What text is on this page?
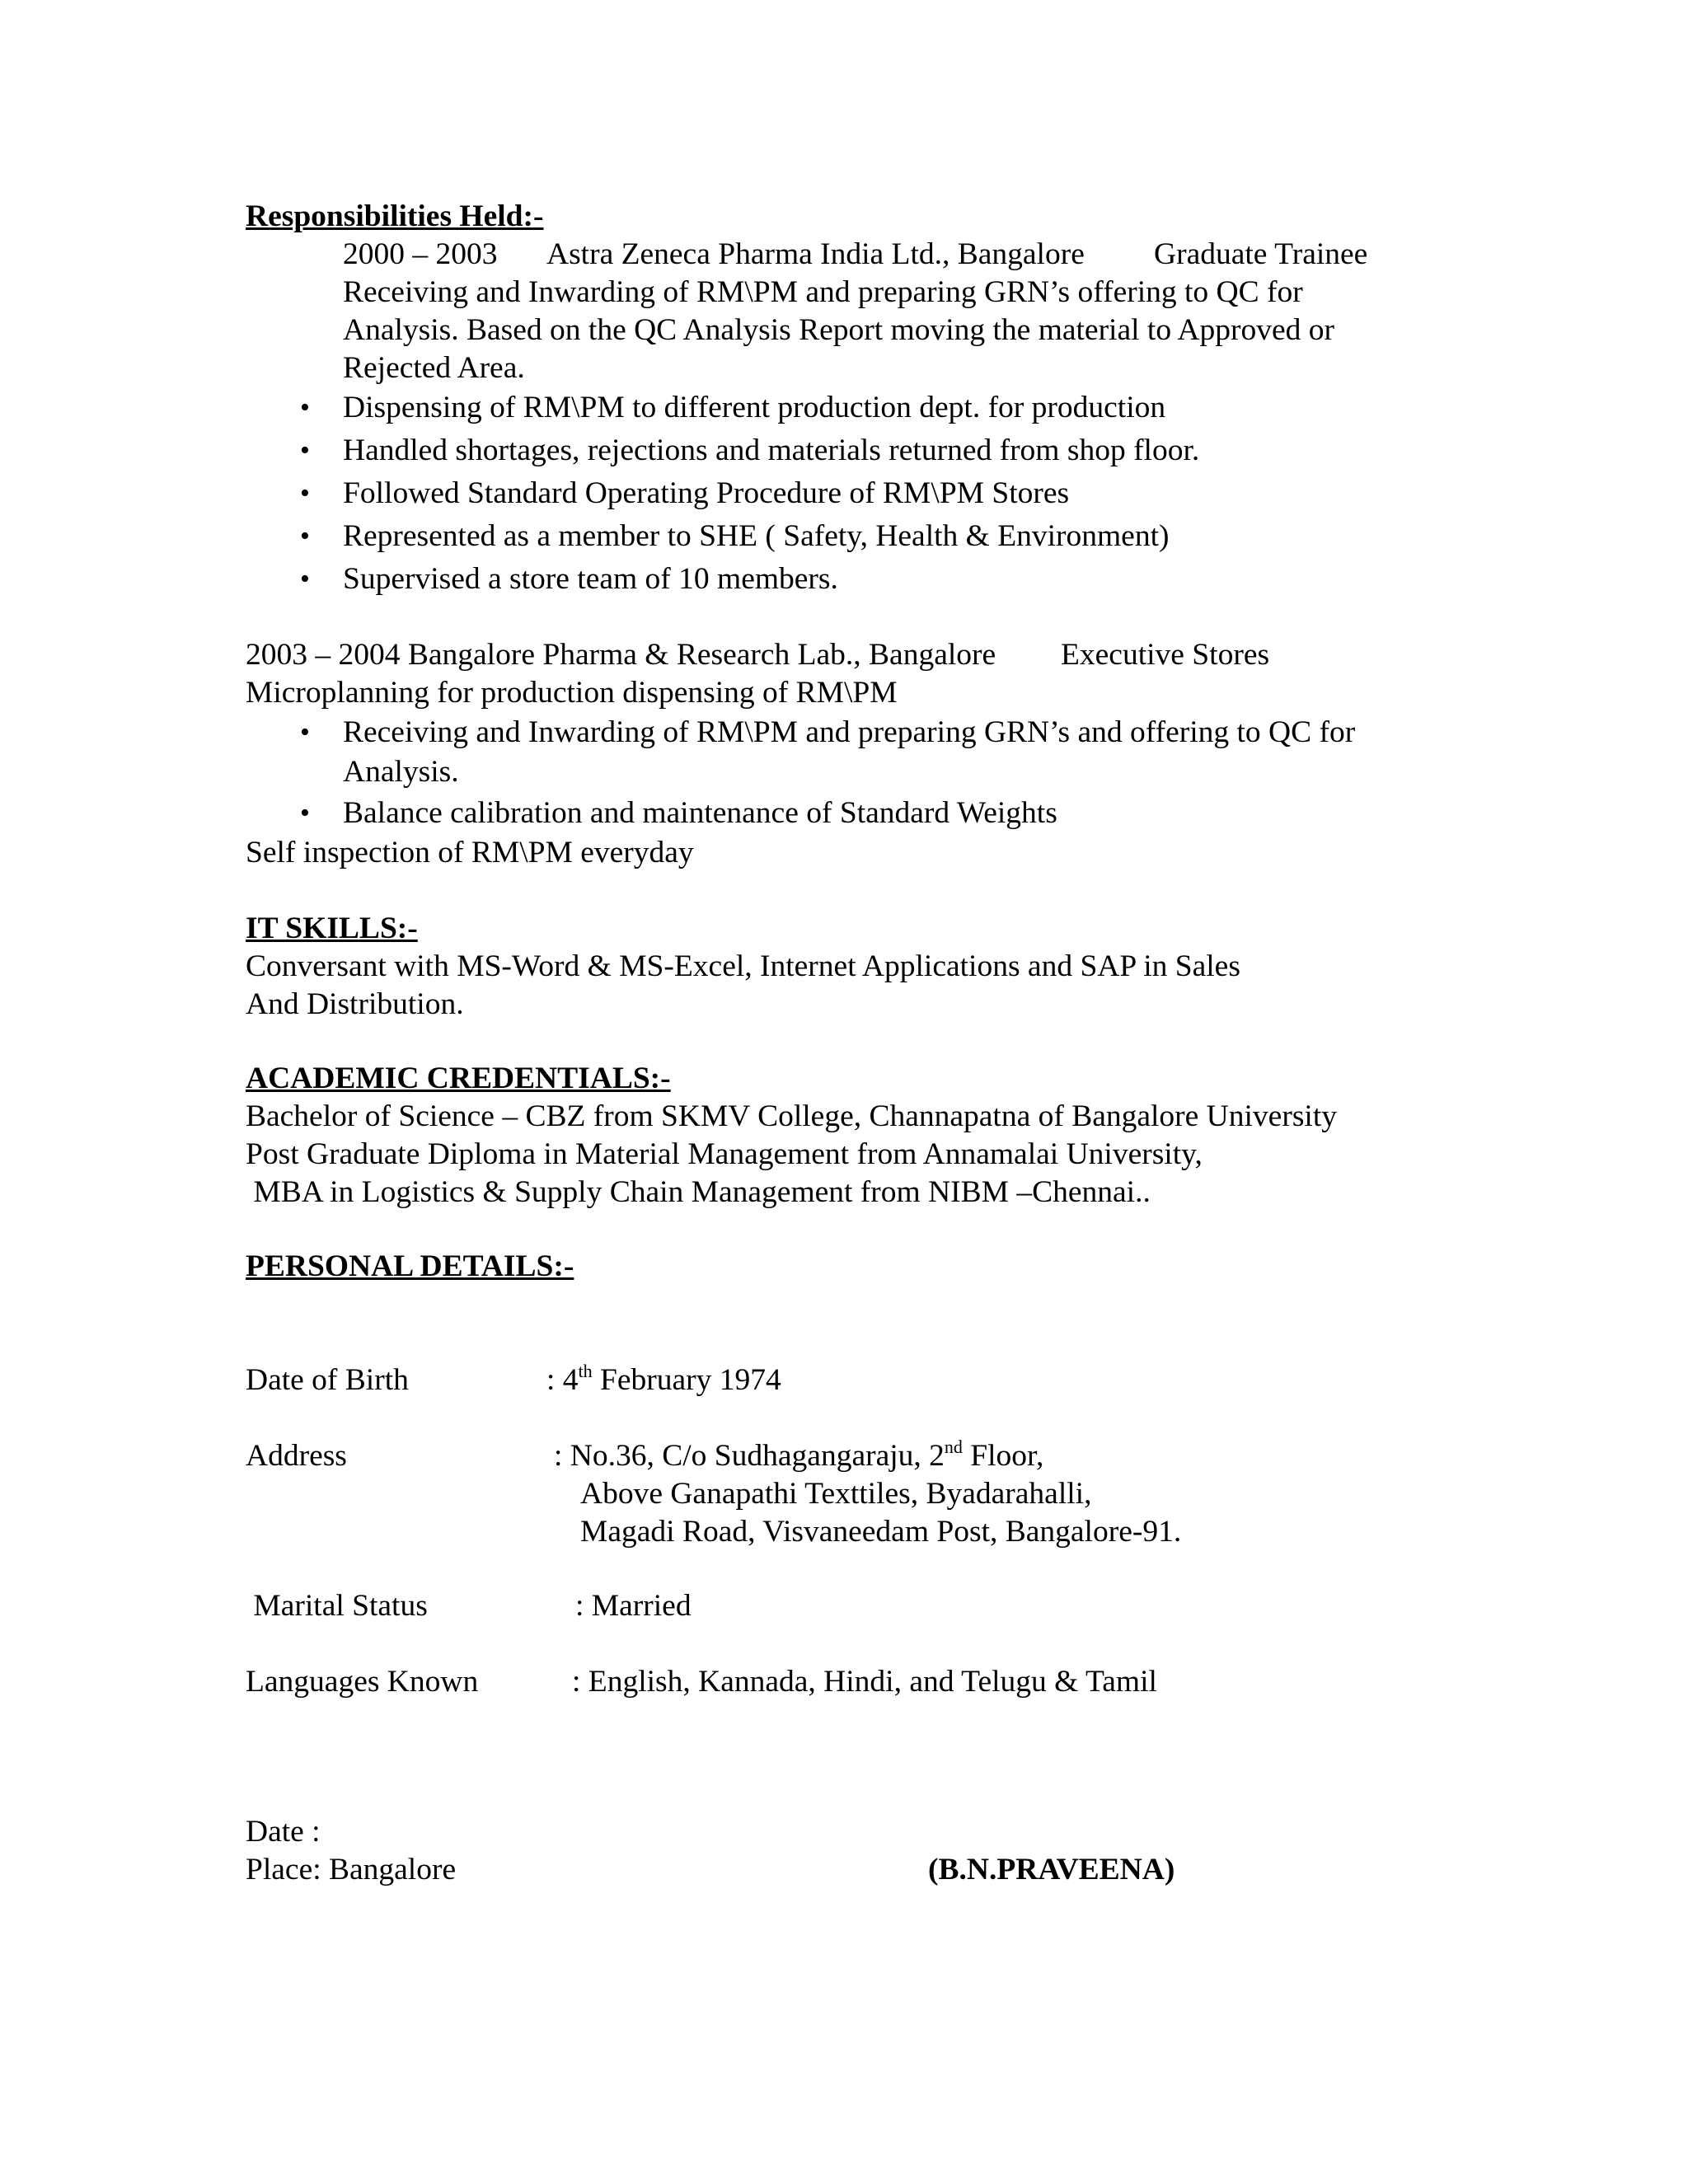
Responsibilities Held:-
2000 – 2003 Astra Zeneca Pharma India Ltd., Bangalore Graduate Trainee
Receiving and Inwarding of RM\PM and preparing GRN’s offering to QC for
Analysis. Based on the QC Analysis Report moving the material to Approved or
Rejected Area.
• Dispensing of RM\PM to different production dept. for production
• Handled shortages, rejections and materials returned from shop floor.
• Followed Standard Operating Procedure of RM\PM Stores
• Represented as a member to SHE ( Safety, Health & Environment)
• Supervised a store team of 10 members.
2003 – 2004 Bangalore Pharma & Research Lab., Bangalore Executive Stores
Microplanning for production dispensing of RM\PM
• Receiving and Inwarding of RM\PM and preparing GRN’s and offering to QC for
Analysis.
• Balance calibration and maintenance of Standard Weights
Self inspection of RM\PM everyday
IT SKILLS:-
Conversant with MS-Word & MS-Excel, Internet Applications and SAP in Sales
And Distribution.
ACADEMIC CREDENTIALS:-
Bachelor of Science – CBZ from SKMV College, Channapatna of Bangalore University
Post Graduate Diploma in Material Management from Annamalai University,
MBA in Logistics & Supply Chain Management from NIBM –Chennai..
PERSONAL DETAILS:-
Date of Birth	: 4th February 1974
Address	: No.36, C/o Sudhagangaraju, 2nd Floor,
Above Ganapathi Texttiles, Byadarahalli,
Magadi Road, Visvaneedam Post, Bangalore-91.
Marital Status	: Married
Languages Known	: English, Kannada, Hindi, and Telugu & Tamil
Date :
Place: Bangalore	(B.N.PRAVEENA)
